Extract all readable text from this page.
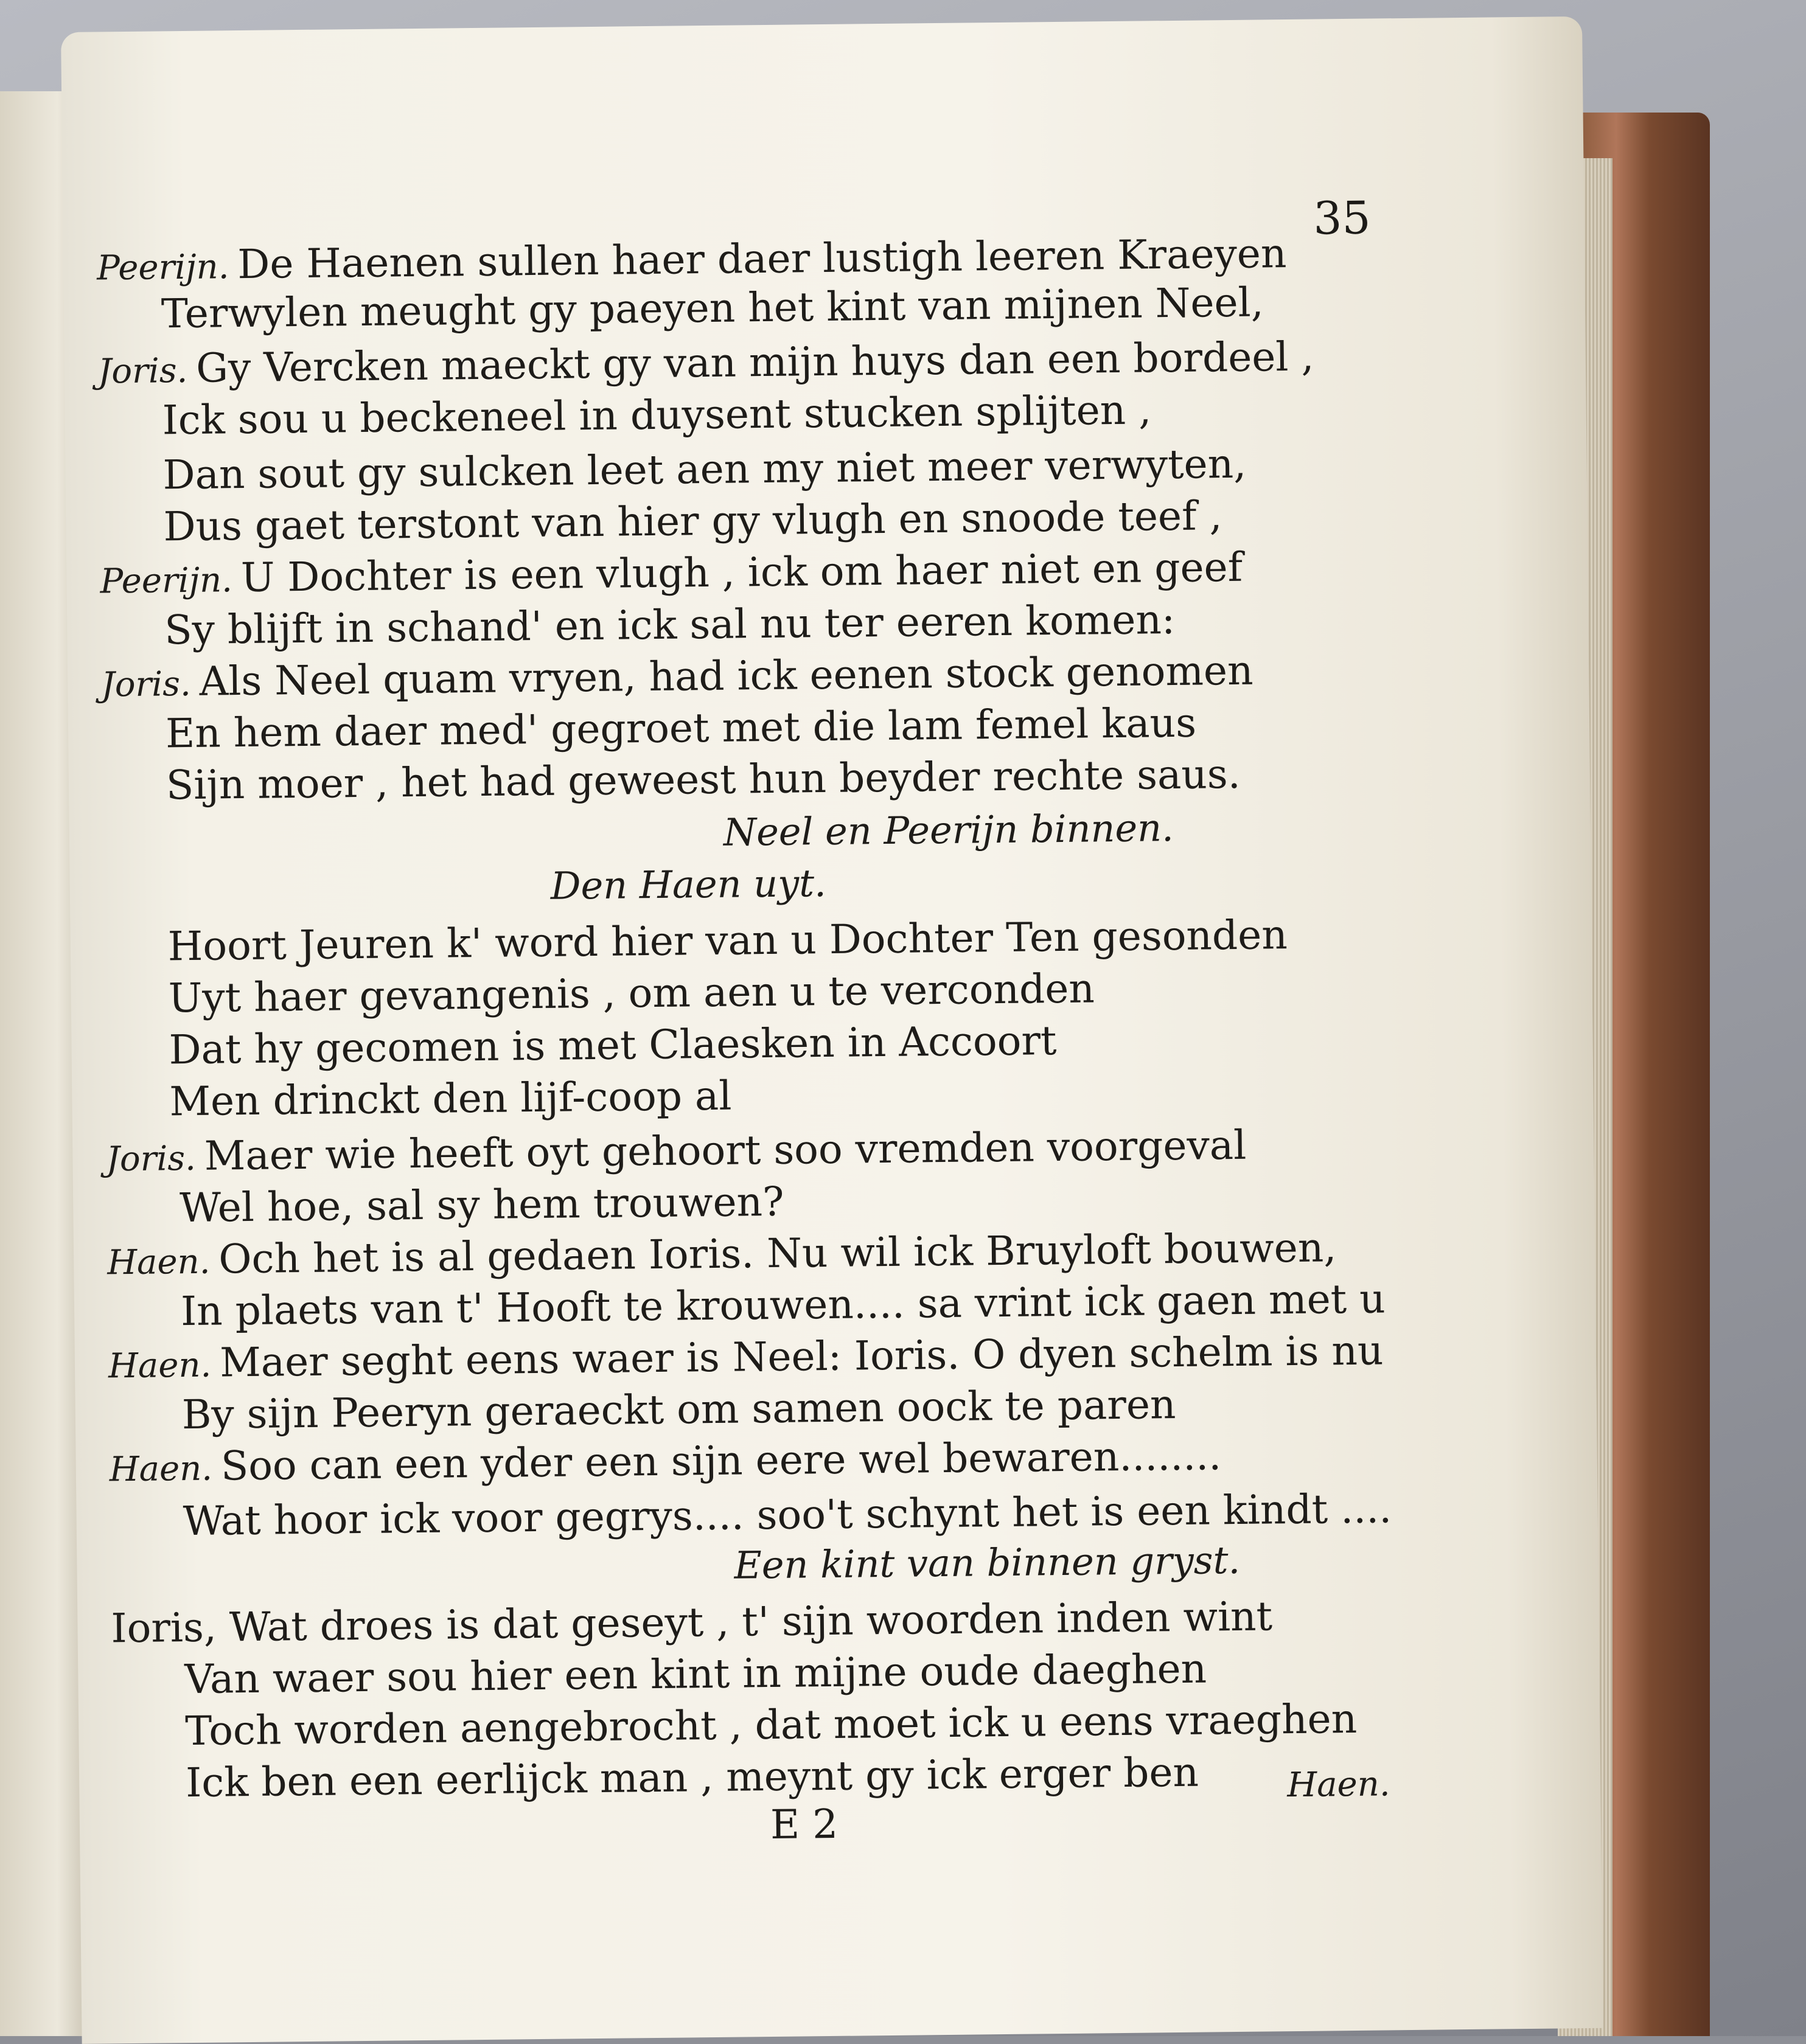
35
Peerijn. De Haenen sullen haer daer lustigh leeren Kraeyen
Terwylen meught gy paeyen het kint van mijnen Neel,
Joris. Gy Vercken maeckt gy van mijn huys dan een bordeel ,
Ick sou u beckeneel in duysent stucken splijten ,
Dan sout gy sulcken leet aen my niet meer verwyten,
Dus gaet terstont van hier gy vlugh en snoode teef ,
Peerijn. U Dochter is een vlugh , ick om haer niet en geef
Sy blijft in schand' en ick sal nu ter eeren komen:
Joris. Als Neel quam vryen, had ick eenen stock genomen
En hem daer med' gegroet met die lam femel kaus
Sijn moer , het had geweest hun beyder rechte saus.
Neel en Peerijn binnen.
Den Haen uyt.
Hoort Jeuren k' word hier van u Dochter Ten gesonden
Uyt haer gevangenis , om aen u te verconden
Dat hy gecomen is met Claesken in Accoort
Men drinckt den lijf-coop al
Joris. Maer wie heeft oyt gehoort soo vremden voorgeval
Wel hoe, sal sy hem trouwen?
Haen. Och het is al gedaen Ioris. Nu wil ick Bruyloft bouwen,
In plaets van t' Hooft te krouwen.... sa vrint ick gaen met u
Haen. Maer seght eens waer is Neel: Ioris. O dyen schelm is nu
By sijn Peeryn geraeckt om samen oock te paren
Haen. Soo can een yder een sijn eere wel bewaren........
Wat hoor ick voor gegrys.... soo't schynt het is een kindt ....
Een kint van binnen gryst.
Ioris, Wat droes is dat geseyt , t' sijn woorden inden wint
Van waer sou hier een kint in mijne oude daeghen
Toch worden aengebrocht , dat moet ick u eens vraeghen
Ick ben een eerlijck man , meynt gy ick erger ben	Haen.
E 2
